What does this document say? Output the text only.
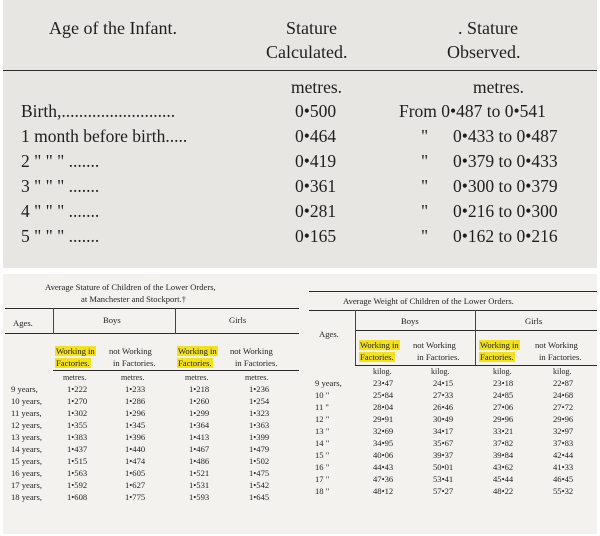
Age of the Infant.	Stature
Calculated.
. Stature
Observed.
metres.	metres.
Birth,..........................	0•500	From 0•487 to 0•541
1 month before birth.....	0•464	" 0•433 to 0•487
2 " " " .......	0•419	" 0•379 to 0•433
3 " " " .......	0•361	" 0•300 to 0•379
4 " " " .......	0•281	" 0•216 to 0•300
5 " " " .......	0•165	" 0•162 to 0•216
Average Stature of Children of the Lower Orders,
at Manchester and Stockport.†
Ages.	Boys	Girls
Working in
Factories.
not Working
in Factories.
Working in
Factories.
not Working
in Factories.
metres.	metres.	metres.	metres.
9 years,	1•222	1•233	1•218	1•236
10 years,	1•270	1•286	1•260	1•254
11 years,	1•302	1•296	1•299	1•323
12 years,	1•355	1•345	1•364	1•363
13 years,	1•383	1•396	1•413	1•399
14 years,	1•437	1•440	1•467	1•479
15 years,	1•515	1•474	1•486	1•502
16 years,	1•563	1•605	1•521	1•475
17 years,	1•592	1•627	1•531	1•542
18 years,	1•608	1•775	1•593	1•645
Average Weight of Children of the Lower Orders.
Ages.
Boys	Girls
Working in
Factories.
not Working
in Factories.
Working in
Factories.
not Working
in Factories.
kilog.	kilog.	kilog.	kilog.
9 years,	23•47	24•15	23•18	22•87
10 "	25•84	27•33	24•85	24•68
11 "	28•04	26•46	27•06	27•72
12 "	29•91	30•49	29•96	29•96
13 "	32•69	34•17	33•21	32•97
14 "	34•95	35•67	37•82	37•83
15 "	40•06	39•37	39•84	42•44
16 "	44•43	50•01	43•62	41•33
17 "	47•36	53•41	45•44	46•45
18 "	48•12	57•27	48•22	55•32
